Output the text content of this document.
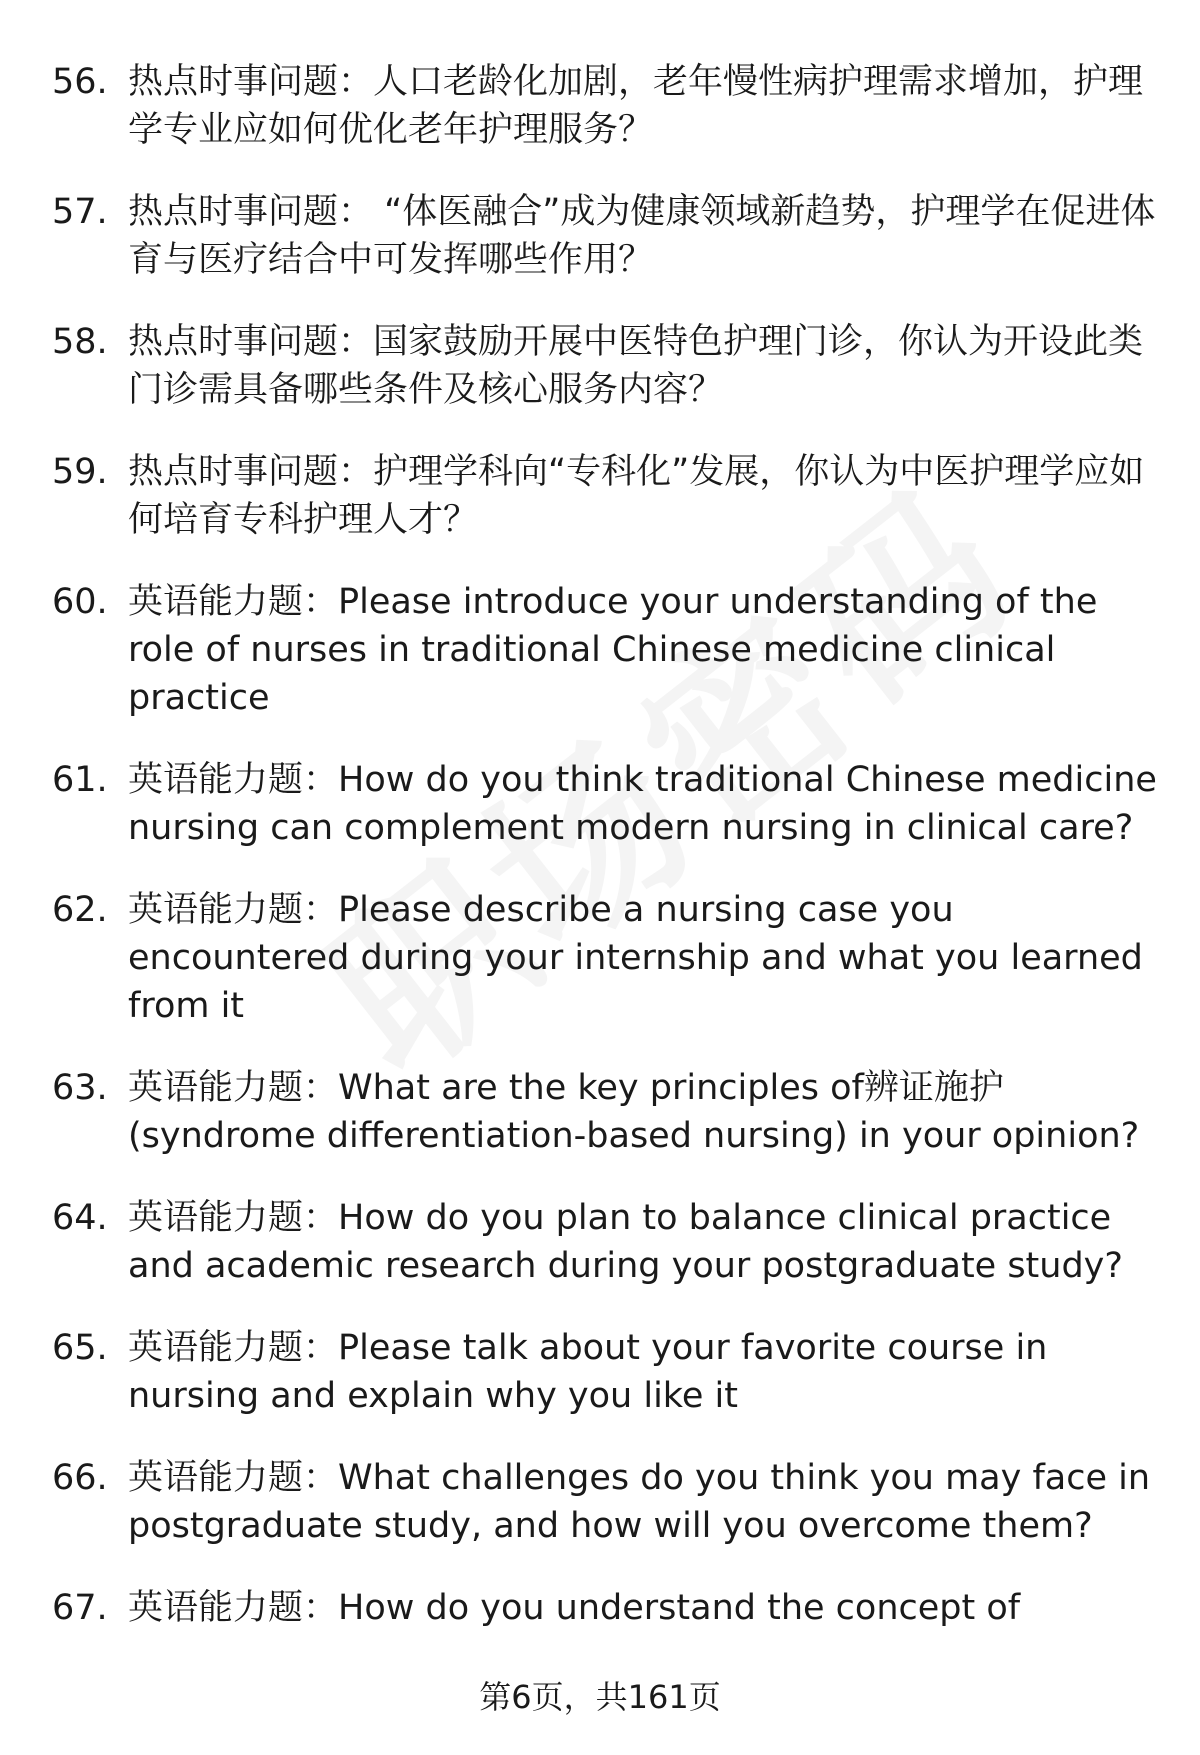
56. 热点时事问题：人口老龄化加剧，老年慢性病护理需求增加，护理学专业应如何优化老年护理服务？
57. 热点时事问题： “体医融合”成为健康领域新趋势，护理学在促进体育与医疗结合中可发挥哪些作用？
58. 热点时事问题：国家鼓励开展中医特色护理门诊，你认为开设此类门诊需具备哪些条件及核心服务内容？
59. 热点时事问题：护理学科向“专科化”发展，你认为中医护理学应如何培育专科护理人才？
60. 英语能力题：Please introduce your understanding of the role of nurses in traditional Chinese medicine clinical practice
61. 英语能力题：How do you think traditional Chinese medicine nursing can complement modern nursing in clinical care?
62. 英语能力题：Please describe a nursing case you encountered during your internship and what you learned from it
63. 英语能力题：What are the key principles of辨证施护 (syndrome differentiation-based nursing) in your opinion?
64. 英语能力题：How do you plan to balance clinical practice and academic research during your postgraduate study?
65. 英语能力题：Please talk about your favorite course in nursing and explain why you like it
66. 英语能力题：What challenges do you think you may face in postgraduate study, and how will you overcome them?
67. 英语能力题：How do you understand the concept of
第6页，共161页
